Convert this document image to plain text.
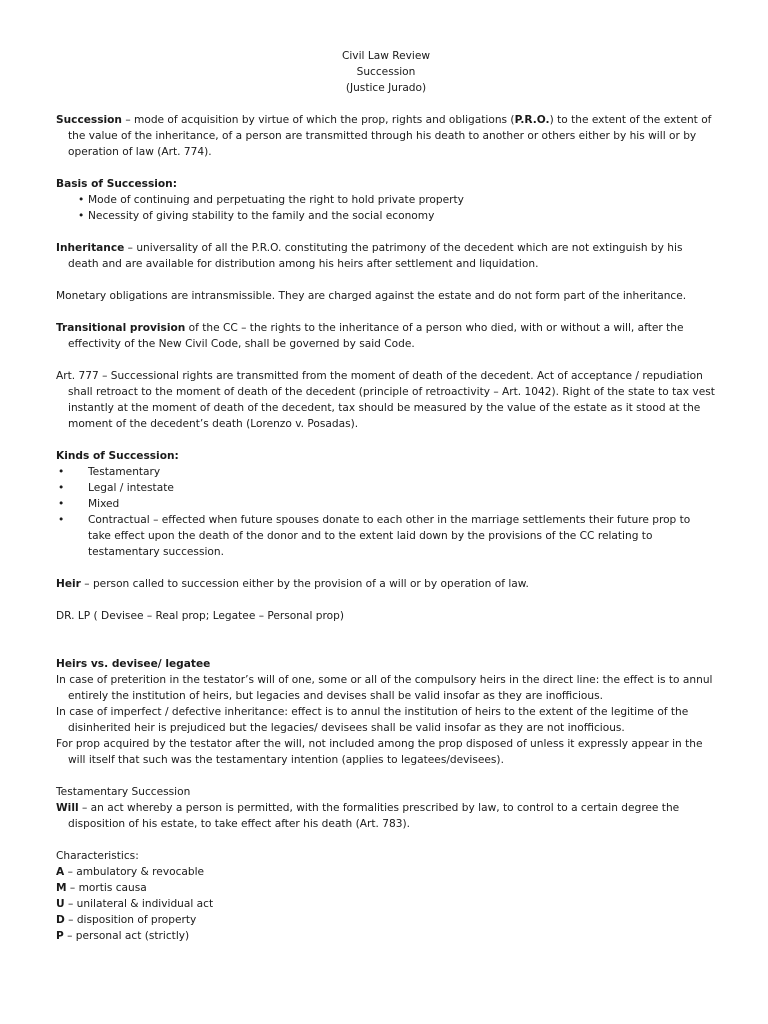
Civil Law Review
Succession
(Justice Jurado)

Succession – mode of acquisition by virtue of which the prop, rights and obligations (P.R.O.) to the extent of the extent of the value of the inheritance, of a person are transmitted through his death to another or others either by his will or by operation of law (Art. 774).

Basis of Succession:
• Mode of continuing and perpetuating the right to hold private property
• Necessity of giving stability to the family and the social economy

Inheritance – universality of all the P.R.O. constituting the patrimony of the decedent which are not extinguish by his death and are available for distribution among his heirs after settlement and liquidation.

Monetary obligations are intransmissible. They are charged against the estate and do not form part of the inheritance.

Transitional provision of the CC – the rights to the inheritance of a person who died, with or without a will, after the effectivity of the New Civil Code, shall be governed by said Code.

Art. 777 – Successional rights are transmitted from the moment of death of the decedent. Act of acceptance / repudiation shall retroact to the moment of death of the decedent (principle of retroactivity – Art. 1042). Right of the state to tax vest instantly at the moment of death of the decedent, tax should be measured by the value of the estate as it stood at the moment of the decedent’s death (Lorenzo v. Posadas).

Kinds of Succession:
• Testamentary
• Legal / intestate
• Mixed
• Contractual – effected when future spouses donate to each other in the marriage settlements their future prop to take effect upon the death of the donor and to the extent laid down by the provisions of the CC relating to testamentary succession.

Heir – person called to succession either by the provision of a will or by operation of law.

DR. LP ( Devisee – Real prop; Legatee – Personal prop)

Heirs vs. devisee/ legatee

In case of preterition in the testator’s will of one, some or all of the compulsory heirs in the direct line: the effect is to annul entirely the institution of heirs, but legacies and devises shall be valid insofar as they are inofficious.

In case of imperfect / defective inheritance: effect is to annul the institution of heirs to the extent of the legitime of the disinherited heir is prejudiced but the legacies/ devisees shall be valid insofar as they are not inofficious.

For prop acquired by the testator after the will, not included among the prop disposed of unless it expressly appear in the will itself that such was the testamentary intention (applies to legatees/devisees).

Testamentary Succession

Will – an act whereby a person is permitted, with the formalities prescribed by law, to control to a certain degree the disposition of his estate, to take effect after his death (Art. 783).

Characteristics:
A – ambulatory & revocable
M – mortis causa
U – unilateral & individual act
D – disposition of property
P – personal act (strictly)
